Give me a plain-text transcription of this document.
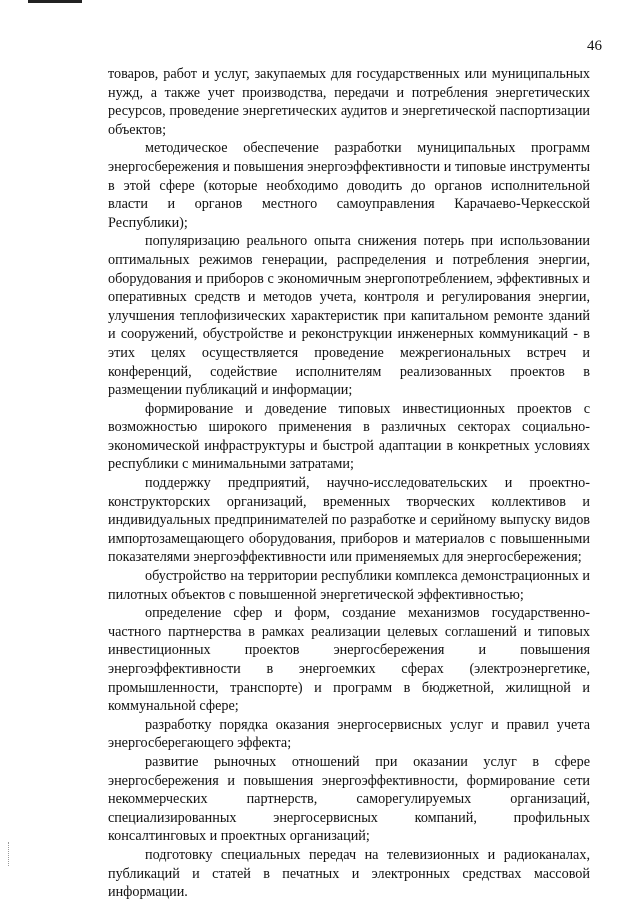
46

товаров, работ и услуг, закупаемых для государственных или муниципальных нужд, а также учет производства, передачи и потребления энергетических ресурсов, проведение энергетических аудитов и энергетической паспортизации объектов;

методическое обеспечение разработки муниципальных программ энергосбережения и повышения энергоэффективности и типовые инструменты в этой сфере (которые необходимо доводить до органов исполнительной власти и органов местного самоуправления Карачаево-Черкесской Республики);

популяризацию реального опыта снижения потерь при использовании оптимальных режимов генерации, распределения и потребления энергии, оборудования и приборов с экономичным энергопотреблением, эффективных и оперативных средств и методов учета, контроля и регулирования энергии, улучшения теплофизических характеристик при капитальном ремонте зданий и сооружений, обустройстве и реконструкции инженерных коммуникаций - в этих целях осуществляется проведение межрегиональных встреч и конференций, содействие исполнителям реализованных проектов в размещении публикаций и информации;

формирование и доведение типовых инвестиционных проектов с возможностью широкого применения в различных секторах социально-экономической инфраструктуры и быстрой адаптации в конкретных условиях республики с минимальными затратами;

поддержку предприятий, научно-исследовательских и проектно-конструкторских организаций, временных творческих коллективов и индивидуальных предпринимателей по разработке и серийному выпуску видов импортозамещающего оборудования, приборов и материалов с повышенными показателями энергоэффективности или применяемых для энергосбережения;

обустройство на территории республики комплекса демонстрационных и пилотных объектов с повышенной энергетической эффективностью;

определение сфер и форм, создание механизмов государственно-частного партнерства в рамках реализации целевых соглашений и типовых инвестиционных проектов энергосбережения и повышения энергоэффективности в энергоемких сферах (электроэнергетике, промышленности, транспорте) и программ в бюджетной, жилищной и коммунальной сфере;

разработку порядка оказания энергосервисных услуг и правил учета энергосберегающего эффекта;

развитие рыночных отношений при оказании услуг в сфере энергосбережения и повышения энергоэффективности, формирование сети некоммерческих партнерств, саморегулируемых организаций, специализированных энергосервисных компаний, профильных консалтинговых и проектных организаций;

подготовку специальных передач на телевизионных и радиоканалах, публикаций и статей в печатных и электронных средствах массовой информации.
